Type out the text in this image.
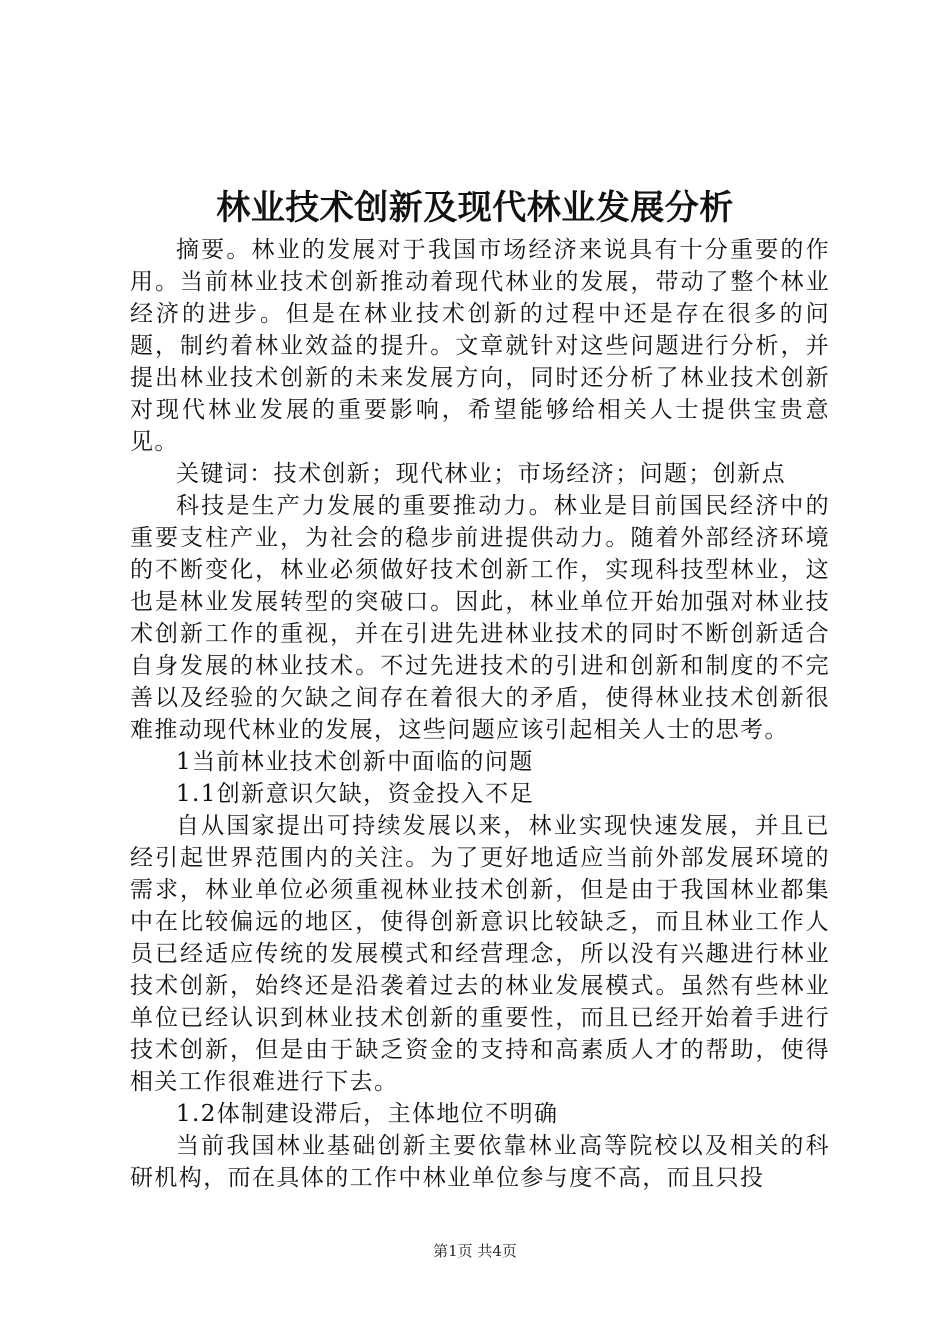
林业技术创新及现代林业发展分析

摘要。林业的发展对于我国市场经济来说具有十分重要的作用。当前林业技术创新推动着现代林业的发展，带动了整个林业经济的进步。但是在林业技术创新的过程中还是存在很多的问题，制约着林业效益的提升。文章就针对这些问题进行分析，并提出林业技术创新的未来发展方向，同时还分析了林业技术创新对现代林业发展的重要影响，希望能够给相关人士提供宝贵意见。

关键词：技术创新；现代林业；市场经济；问题；创新点

科技是生产力发展的重要推动力。林业是目前国民经济中的重要支柱产业，为社会的稳步前进提供动力。随着外部经济环境的不断变化，林业必须做好技术创新工作，实现科技型林业，这也是林业发展转型的突破口。因此，林业单位开始加强对林业技术创新工作的重视，并在引进先进林业技术的同时不断创新适合自身发展的林业技术。不过先进技术的引进和创新和制度的不完善以及经验的欠缺之间存在着很大的矛盾，使得林业技术创新很难推动现代林业的发展，这些问题应该引起相关人士的思考。

1当前林业技术创新中面临的问题

1.1创新意识欠缺，资金投入不足

自从国家提出可持续发展以来，林业实现快速发展，并且已经引起世界范围内的关注。为了更好地适应当前外部发展环境的需求，林业单位必须重视林业技术创新，但是由于我国林业都集中在比较偏远的地区，使得创新意识比较缺乏，而且林业工作人员已经适应传统的发展模式和经营理念，所以没有兴趣进行林业技术创新，始终还是沿袭着过去的林业发展模式。虽然有些林业单位已经认识到林业技术创新的重要性，而且已经开始着手进行技术创新，但是由于缺乏资金的支持和高素质人才的帮助，使得相关工作很难进行下去。

1.2体制建设滞后，主体地位不明确

当前我国林业基础创新主要依靠林业高等院校以及相关的科研机构，而在具体的工作中林业单位参与度不高，而且只投

第1页 共4页
